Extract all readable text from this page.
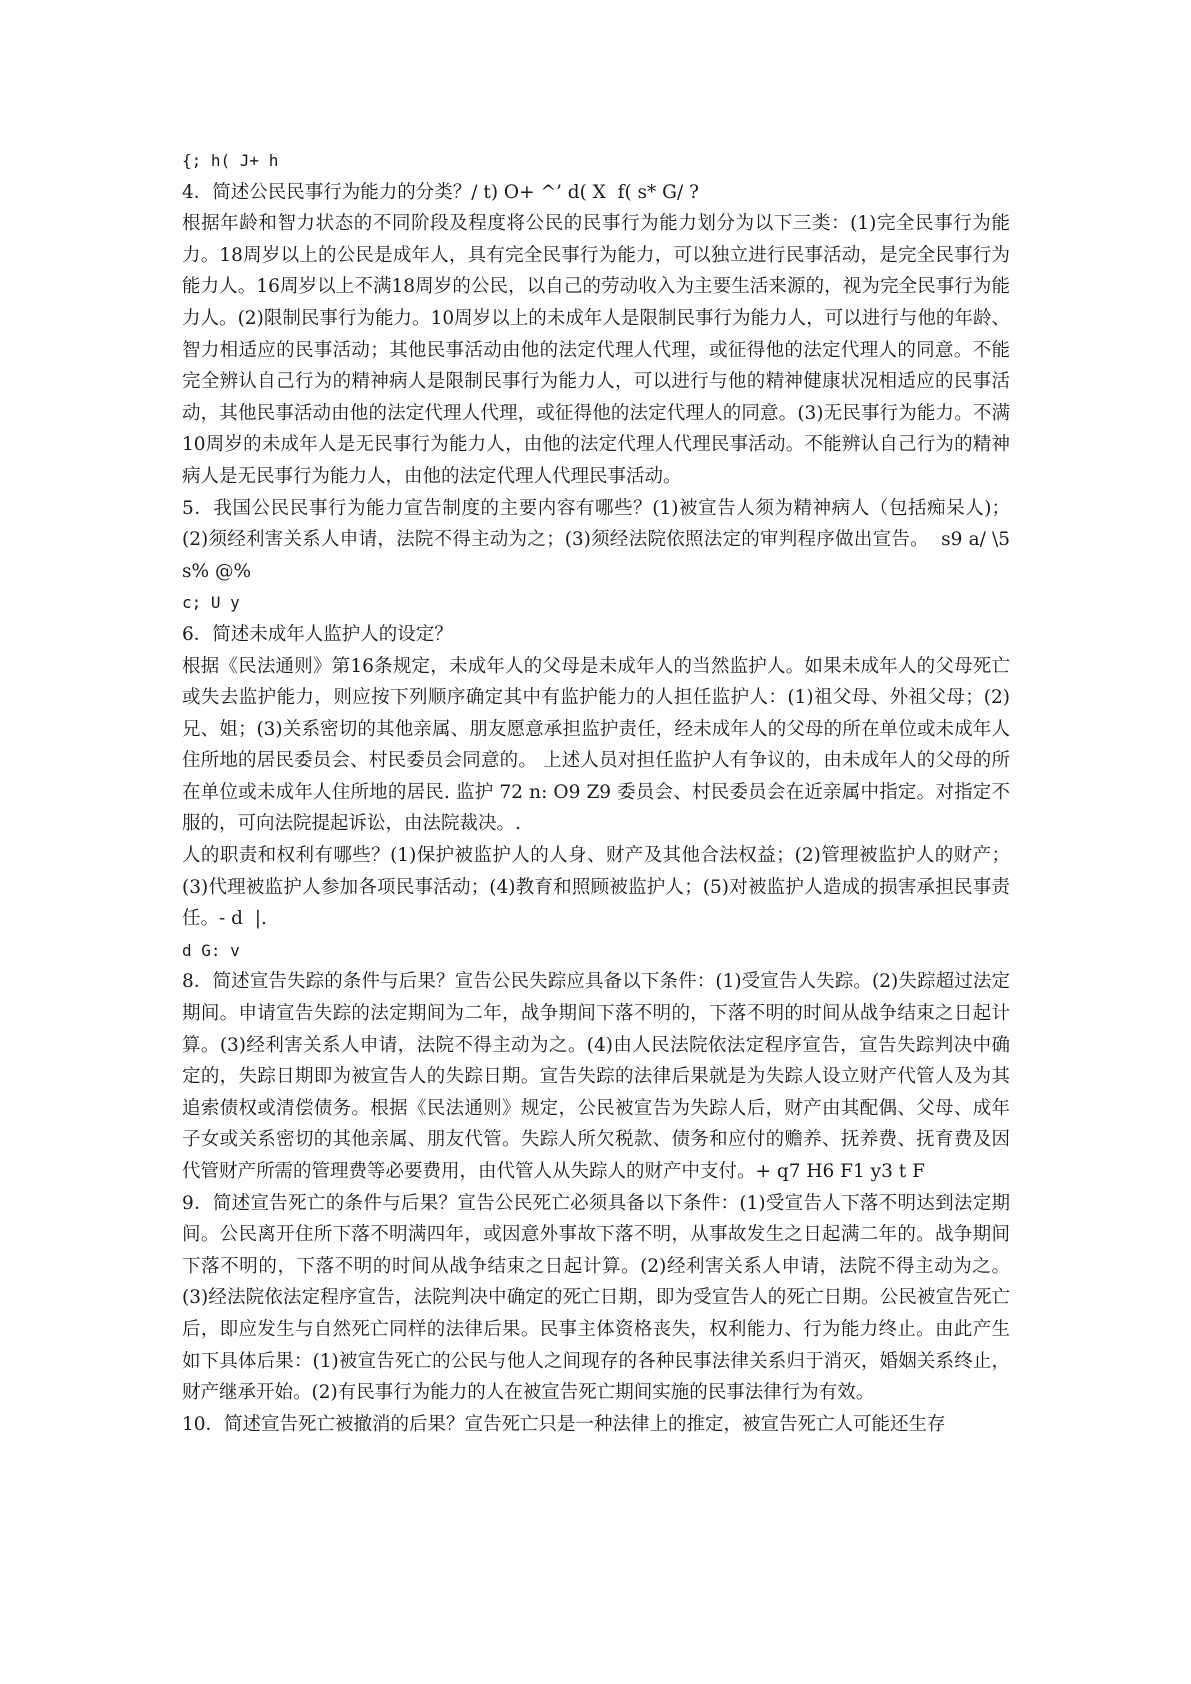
{; h( J+ h

4．简述公民民事行为能力的分类？/ t) O+ ^’ d( X  f( s* G/ ?

根据年龄和智力状态的不同阶段及程度将公民的民事行为能力划分为以下三类：(1)完全民事行为能力。18周岁以上的公民是成年人，具有完全民事行为能力，可以独立进行民事活动，是完全民事行为能力人。16周岁以上不满18周岁的公民，以自己的劳动收入为主要生活来源的，视为完全民事行为能力人。(2)限制民事行为能力。10周岁以上的未成年人是限制民事行为能力人，可以进行与他的年龄、智力相适应的民事活动；其他民事活动由他的法定代理人代理，或征得他的法定代理人的同意。不能完全辨认自己行为的精神病人是限制民事行为能力人，可以进行与他的精神健康状况相适应的民事活动，其他民事活动由他的法定代理人代理，或征得他的法定代理人的同意。(3)无民事行为能力。不满10周岁的未成年人是无民事行为能力人，由他的法定代理人代理民事活动。不能辨认自己行为的精神病人是无民事行为能力人，由他的法定代理人代理民事活动。

5．我国公民民事行为能力宣告制度的主要内容有哪些？(1)被宣告人须为精神病人（包括痴呆人)；(2)须经利害关系人申请，法院不得主动为之；(3)须经法院依照法定的审判程序做出宣告。  s9 a/ \5 s% @%

c; U y

6．简述未成年人监护人的设定？

根据《民法通则》第16条规定，未成年人的父母是未成年人的当然监护人。如果未成年人的父母死亡或失去监护能力，则应按下列顺序确定其中有监护能力的人担任监护人：(1)祖父母、外祖父母；(2)兄、姐；(3)关系密切的其他亲属、朋友愿意承担监护责任，经未成年人的父母的所在单位或未成年人住所地的居民委员会、村民委员会同意的。 上述人员对担任监护人有争议的，由未成年人的父母的所在单位或未成年人住所地的居民. 监护 72 n: O9 Z9 委员会、村民委员会在近亲属中指定。对指定不服的，可向法院提起诉讼，由法院裁决。.

人的职责和权利有哪些？(1)保护被监护人的人身、财产及其他合法权益；(2)管理被监护人的财产；(3)代理被监护人参加各项民事活动；(4)教育和照顾被监护人；(5)对被监护人造成的损害承担民事责任。- d  |.

d G: v

8．简述宣告失踪的条件与后果？宣告公民失踪应具备以下条件：(1)受宣告人失踪。(2)失踪超过法定期间。申请宣告失踪的法定期间为二年，战争期间下落不明的，下落不明的时间从战争结束之日起计算。(3)经利害关系人申请，法院不得主动为之。(4)由人民法院依法定程序宣告，宣告失踪判决中确定的，失踪日期即为被宣告人的失踪日期。宣告失踪的法律后果就是为失踪人设立财产代管人及为其追索债权或清偿债务。根据《民法通则》规定，公民被宣告为失踪人后，财产由其配偶、父母、成年子女或关系密切的其他亲属、朋友代管。失踪人所欠税款、债务和应付的赡养、抚养费、抚育费及因代管财产所需的管理费等必要费用，由代管人从失踪人的财产中支付。+ q7 H6 F1 y3 t F

9．简述宣告死亡的条件与后果？宣告公民死亡必须具备以下条件：(1)受宣告人下落不明达到法定期间。公民离开住所下落不明满四年，或因意外事故下落不明，从事故发生之日起满二年的。战争期间下落不明的，下落不明的时间从战争结束之日起计算。(2)经利害关系人申请，法院不得主动为之。(3)经法院依法定程序宣告，法院判决中确定的死亡日期，即为受宣告人的死亡日期。公民被宣告死亡后，即应发生与自然死亡同样的法律后果。民事主体资格丧失，权利能力、行为能力终止。由此产生如下具体后果：(1)被宣告死亡的公民与他人之间现存的各种民事法律关系归于消灭，婚姻关系终止，财产继承开始。(2)有民事行为能力的人在被宣告死亡期间实施的民事法律行为有效。

10．简述宣告死亡被撤消的后果？宣告死亡只是一种法律上的推定，被宣告死亡人可能还生存
